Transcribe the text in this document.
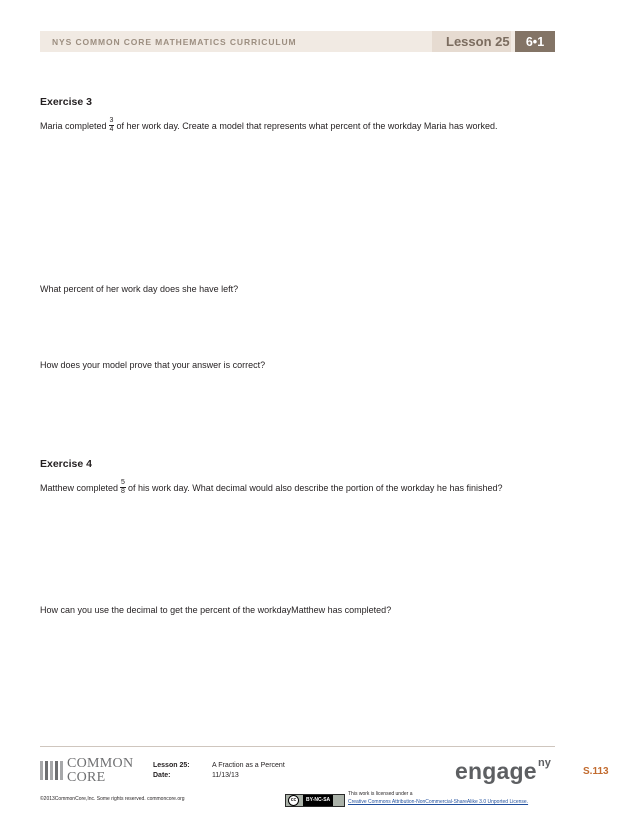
NYS COMMON CORE MATHEMATICS CURRICULUM	Lesson 25	6•1
Exercise 3
Maria completed $\frac{3}{4}$ of her work day. Create a model that represents what percent of the workday Maria has worked.
What percent of her work day does she have left?
How does your model prove that your answer is correct?
Exercise 4
Matthew completed $\frac{5}{8}$ of his work day. What decimal would also describe the portion of the workday he has finished?
How can you use the decimal to get the percent of the workdayMatthew has completed?
COMMON
CORE
Lesson 25:	A Fraction as a Percent
Date:	11/13/13	engage ny
S.113
©2013CommonCore,Inc. Some rights reserved. commoncore.org	cc	BY-NC-SA
This work is licensed under a
Creative Commons Attribution-NonCommercial-ShareAlike 3.0 Unported License.
